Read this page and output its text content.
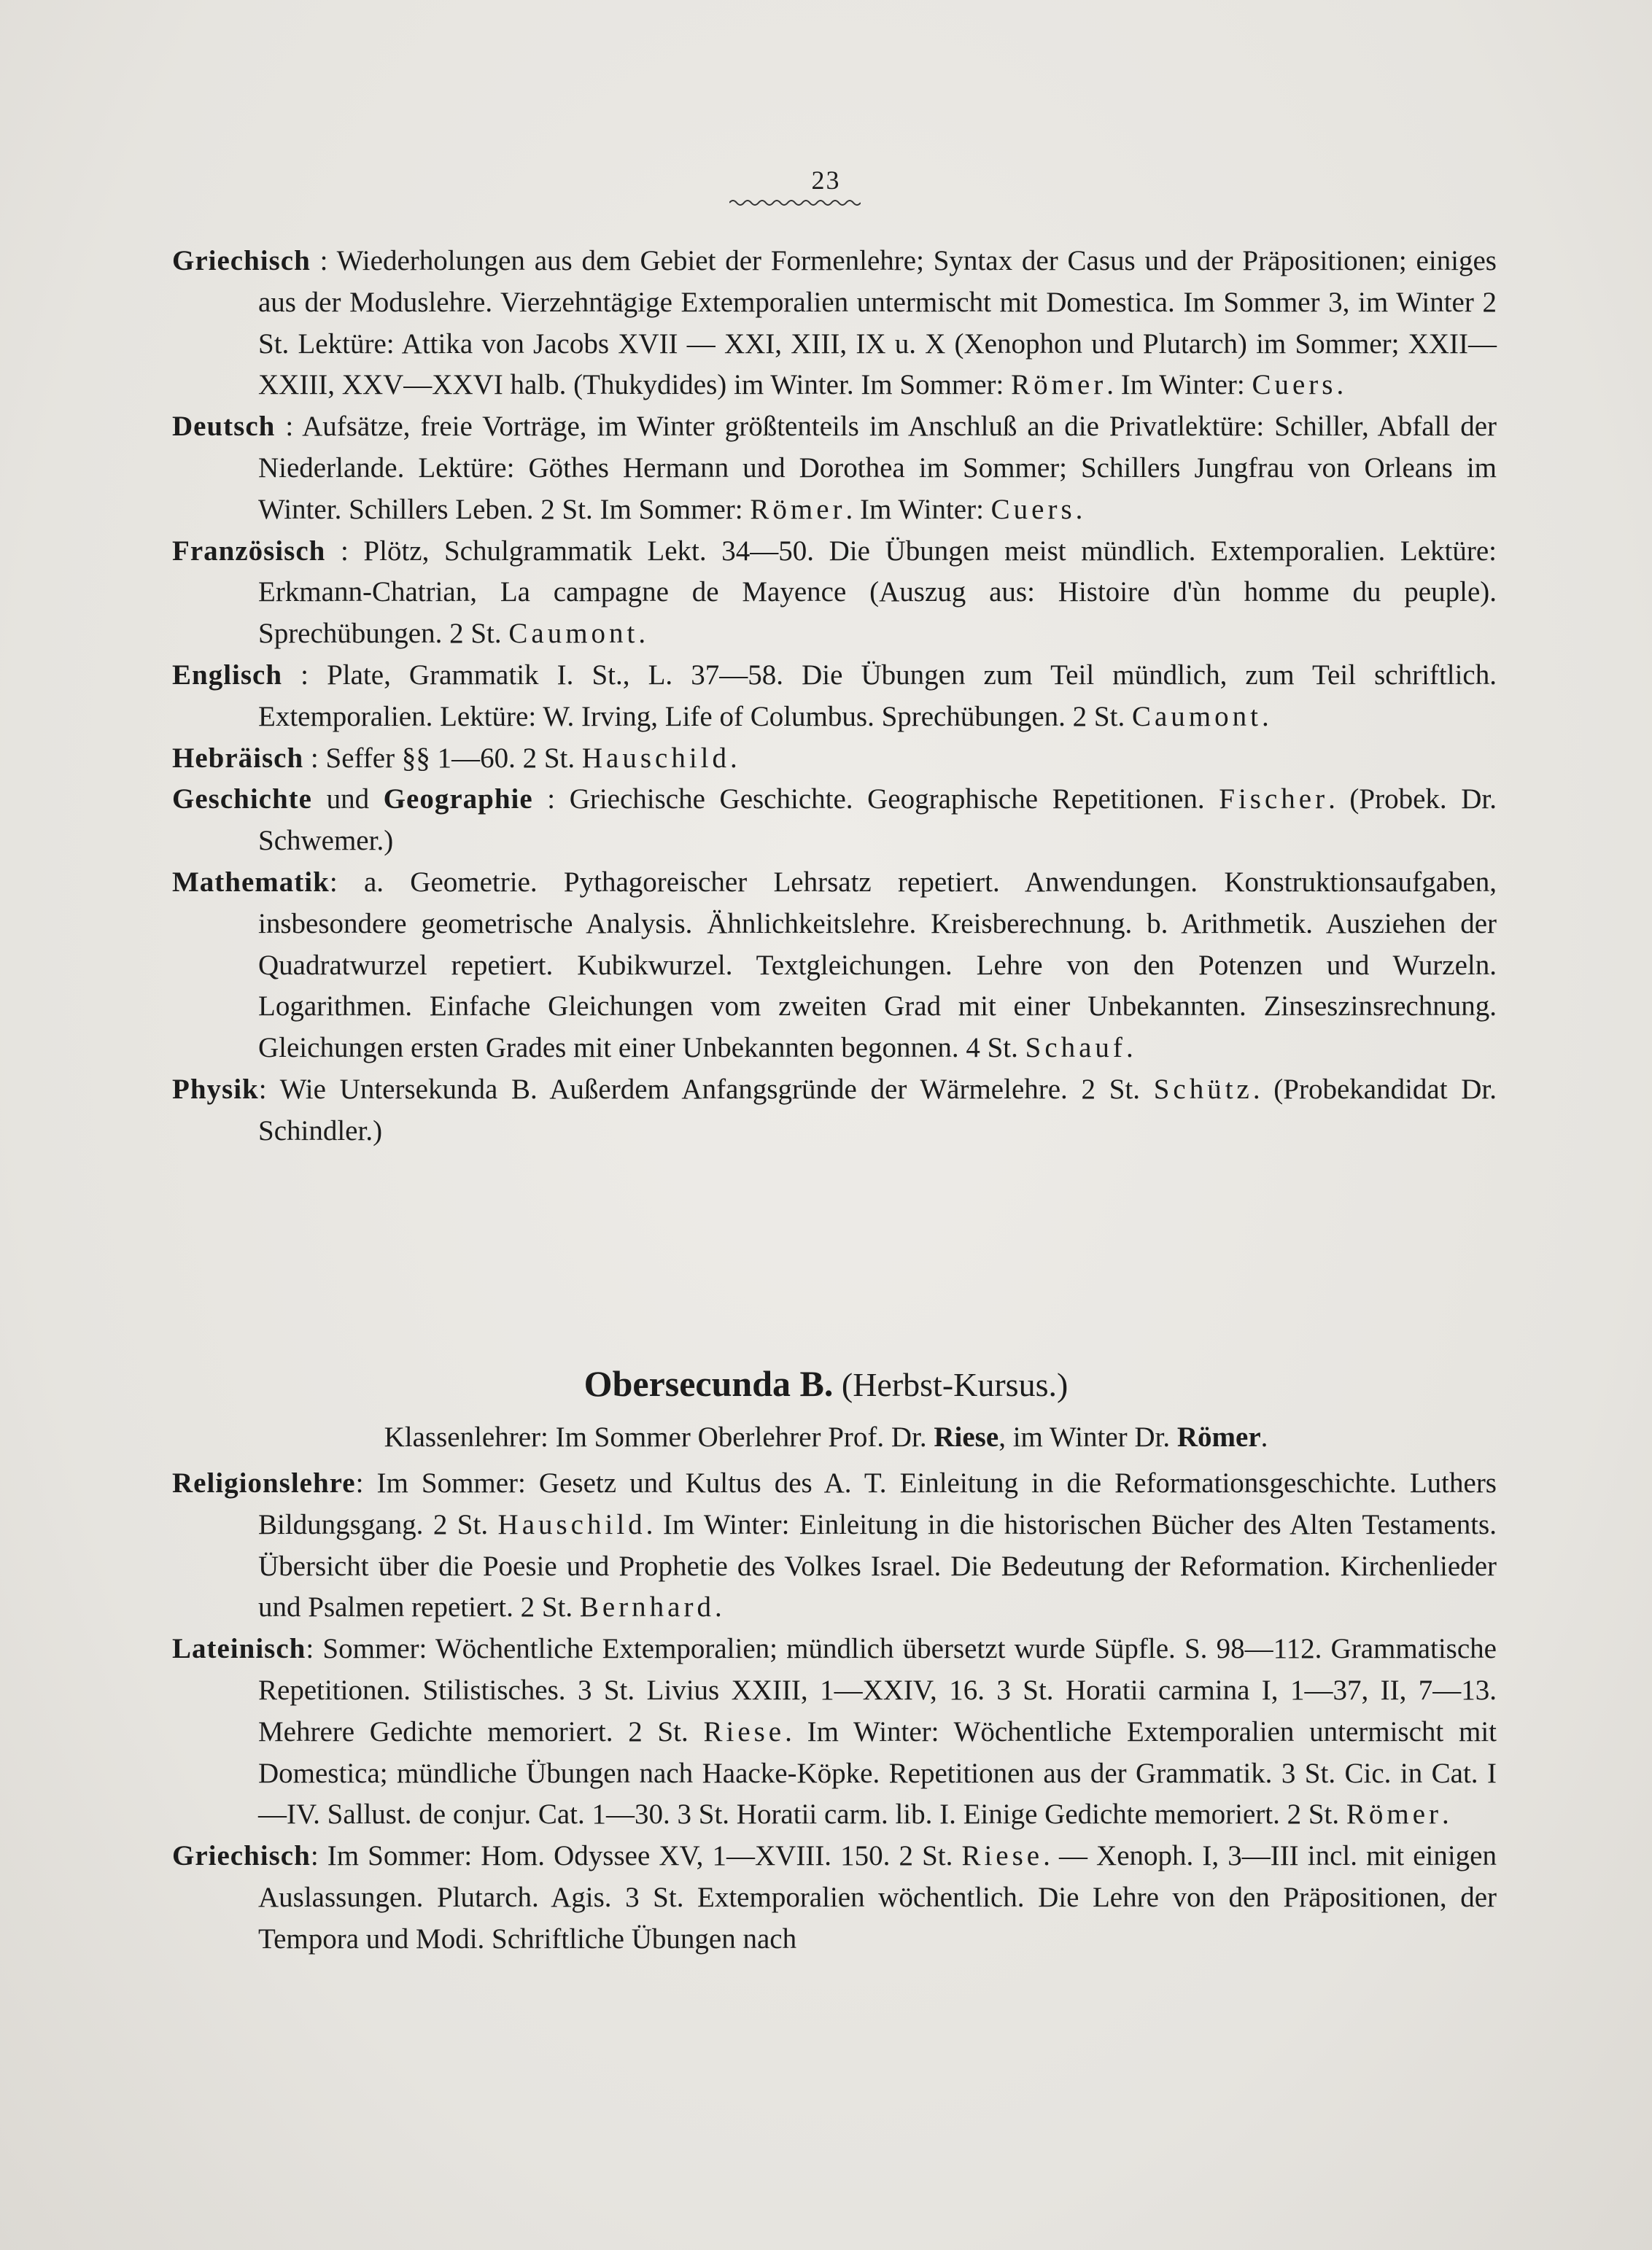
23

Griechisch : Wiederholungen aus dem Gebiet der Formenlehre; Syntax der Casus und der Präpositionen; einiges aus der Moduslehre. Vierzehntägige Extemporalien untermischt mit Domestica. Im Sommer 3, im Winter 2 St. Lektüre: Attika von Jacobs XVII — XXI, XIII, IX u. X (Xenophon und Plutarch) im Sommer; XXII—XXIII, XXV—XXVI halb. (Thukydides) im Winter. Im Sommer: Römer. Im Winter: Cuers.

Deutsch : Aufsätze, freie Vorträge, im Winter größtenteils im Anschluß an die Privatlektüre: Schiller, Abfall der Niederlande. Lektüre: Göthes Hermann und Dorothea im Sommer; Schillers Jungfrau von Orleans im Winter. Schillers Leben. 2 St. Im Sommer: Römer. Im Winter: Cuers.

Französisch : Plötz, Schulgrammatik Lekt. 34—50. Die Übungen meist mündlich. Extemporalien. Lektüre: Erkmann-Chatrian, La campagne de Mayence (Auszug aus: Histoire d'ùn homme du peuple). Sprechübungen. 2 St. Caumont.

Englisch : Plate, Grammatik I. St., L. 37—58. Die Übungen zum Teil mündlich, zum Teil schriftlich. Extemporalien. Lektüre: W. Irving, Life of Columbus. Sprechübungen. 2 St. Caumont.

Hebräisch : Seffer §§ 1—60. 2 St. Hauschild.

Geschichte und Geographie : Griechische Geschichte. Geographische Repetitionen. Fischer. (Probek. Dr. Schwemer.)

Mathematik: a. Geometrie. Pythagoreischer Lehrsatz repetiert. Anwendungen. Konstruktionsaufgaben, insbesondere geometrische Analysis. Ähnlichkeitslehre. Kreisberechnung. b. Arithmetik. Ausziehen der Quadratwurzel repetiert. Kubikwurzel. Textgleichungen. Lehre von den Potenzen und Wurzeln. Logarithmen. Einfache Gleichungen vom zweiten Grad mit einer Unbekannten. Zinseszinsrechnung. Gleichungen ersten Grades mit einer Unbekannten begonnen. 4 St. Schauf.

Physik: Wie Untersekunda B. Außerdem Anfangsgründe der Wärmelehre. 2 St. Schütz. (Probekandidat Dr. Schindler.)

Obersecunda B. (Herbst-Kursus.)
Klassenlehrer: Im Sommer Oberlehrer Prof. Dr. Riese, im Winter Dr. Römer.

Religionslehre: Im Sommer: Gesetz und Kultus des A. T. Einleitung in die Reformationsgeschichte. Luthers Bildungsgang. 2 St. Hauschild. Im Winter: Einleitung in die historischen Bücher des Alten Testaments. Übersicht über die Poesie und Prophetie des Volkes Israel. Die Bedeutung der Reformation. Kirchenlieder und Psalmen repetiert. 2 St. Bernhard.

Lateinisch: Sommer: Wöchentliche Extemporalien; mündlich übersetzt wurde Süpfle. S. 98—112. Grammatische Repetitionen. Stilistisches. 3 St. Livius XXIII, 1—XXIV, 16. 3 St. Horatii carmina I, 1—37, II, 7—13. Mehrere Gedichte memoriert. 2 St. Riese. Im Winter: Wöchentliche Extemporalien untermischt mit Domestica; mündliche Übungen nach Haacke-Köpke. Repetitionen aus der Grammatik. 3 St. Cic. in Cat. I—IV. Sallust. de conjur. Cat. 1—30. 3 St. Horatii carm. lib. I. Einige Gedichte memoriert. 2 St. Römer.

Griechisch: Im Sommer: Hom. Odyssee XV, 1—XVIII. 150. 2 St. Riese. — Xenoph. I, 3—III incl. mit einigen Auslassungen. Plutarch. Agis. 3 St. Extemporalien wöchentlich. Die Lehre von den Präpositionen, der Tempora und Modi. Schriftliche Übungen nach
